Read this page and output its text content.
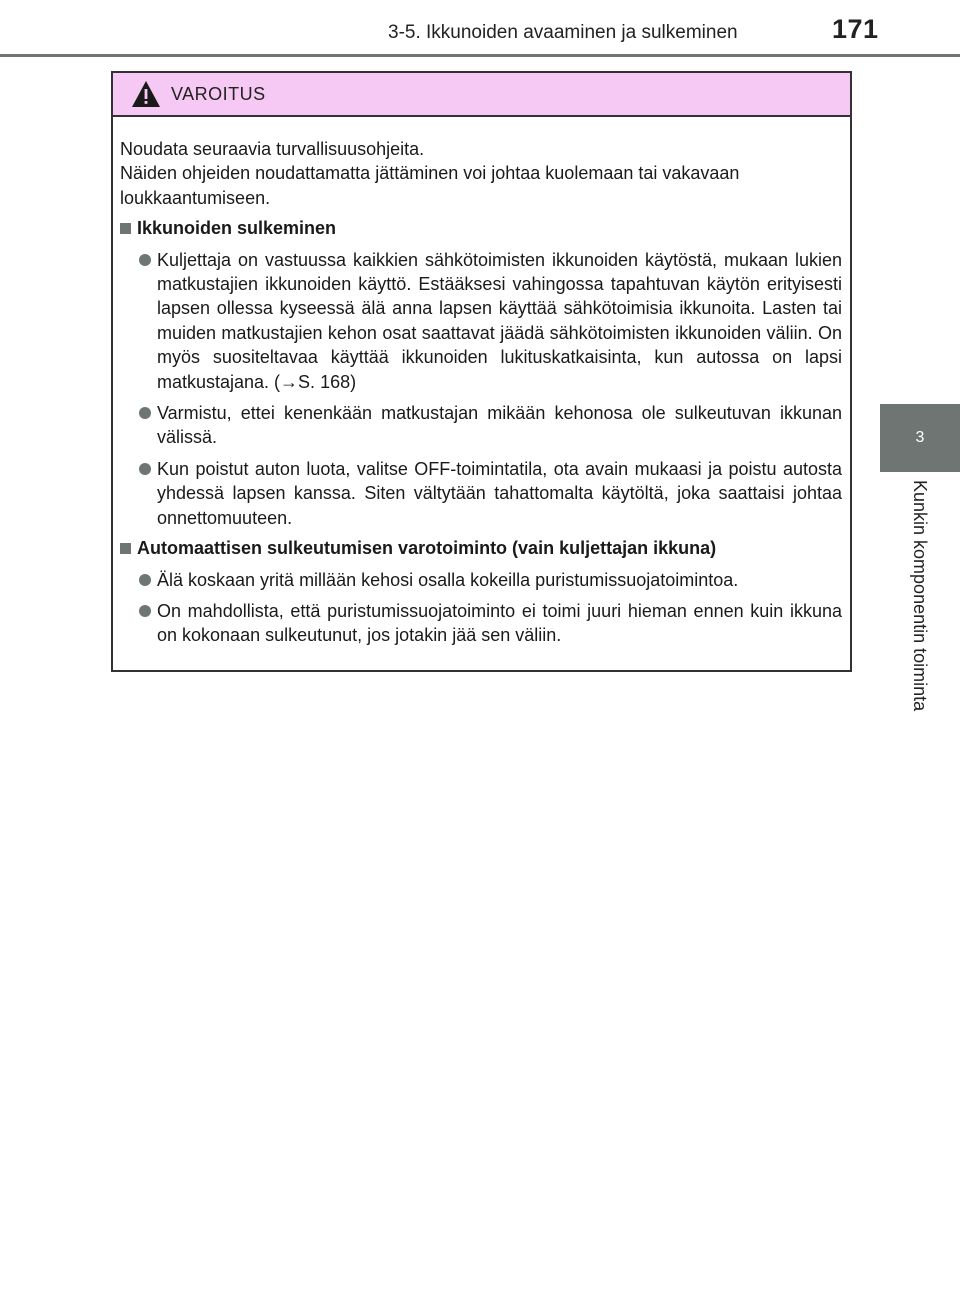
3-5. Ikkunoiden avaaminen ja sulkeminen	171
3
Kunkin komponentin toiminta
VAROITUS

Noudata seuraavia turvallisuusohjeita.

Näiden ohjeiden noudattamatta jättäminen voi johtaa kuolemaan tai vakavaan loukkaantumiseen.

Ikkunoiden sulkeminen
Kuljettaja on vastuussa kaikkien sähkötoimisten ikkunoiden käytöstä, mukaan lukien matkustajien ikkunoiden käyttö. Estääksesi vahingossa tapahtuvan käytön erityisesti lapsen ollessa kyseessä älä anna lapsen käyttää sähkötoimisia ikkunoita. Lasten tai muiden matkustajien kehon osat saattavat jäädä sähkötoimisten ikkunoiden väliin. On myös suositeltavaa käyttää ikkunoiden lukituskatkaisinta, kun autossa on lapsi matkustajana. (→S. 168)
Varmistu, ettei kenenkään matkustajan mikään kehonosa ole sulkeutuvan ikkunan välissä.
Kun poistut auton luota, valitse OFF-toimintatila, ota avain mukaasi ja poistu autosta yhdessä lapsen kanssa. Siten vältytään tahattomalta käytöltä, joka saattaisi johtaa onnettomuuteen.
Automaattisen sulkeutumisen varotoiminto (vain kuljettajan ikkuna)
Älä koskaan yritä millään kehosi osalla kokeilla puristumissuojatoimintoa.
On mahdollista, että puristumissuojatoiminto ei toimi juuri hieman ennen kuin ikkuna on kokonaan sulkeutunut, jos jotakin jää sen väliin.
